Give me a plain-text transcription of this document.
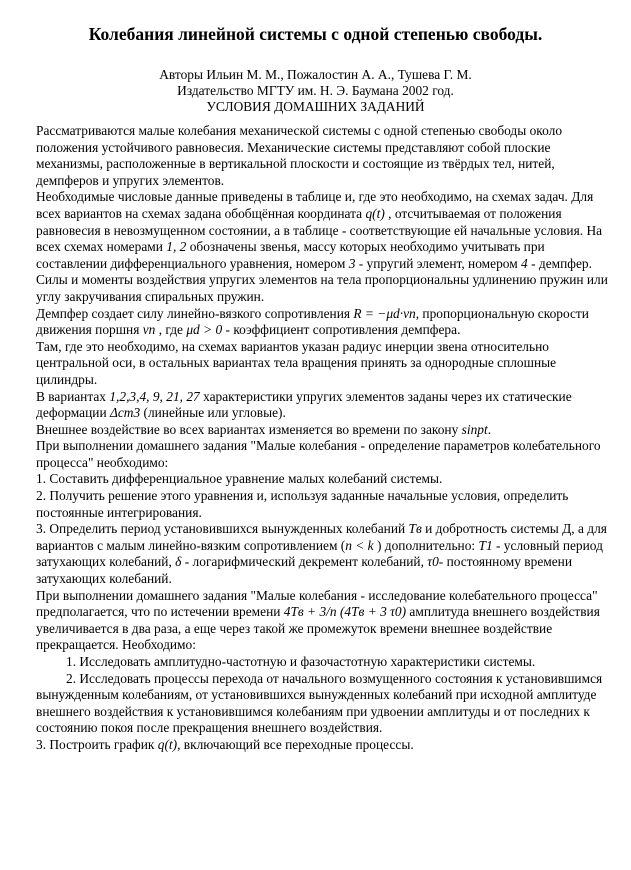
Колебания линейной системы с одной степенью свободы.
Авторы Ильин М. М., Пожалостин А. А., Тушева Г. М.
Издательство МГТУ им. Н. Э. Баумана 2002 год.
УСЛОВИЯ ДОМАШНИХ ЗАДАНИЙ

Рассматриваются малые колебания механической системы с одной степенью свободы около положения устойчивого равновесия. Механические системы представляют собой плоские механизмы, расположенные в вертикальной плоскости и состоящие из твёрдых тел, нитей, демпферов и упругих элементов.

Необходимые числовые данные приведены в таблице и, где это необходимо, на схемах задач. Для всех вариантов на схемах задана обобщённая координата q(t) , отсчитываемая от положения равновесия в невозмущенном состоянии, а в таблице - соответствующие ей начальные условия. На всех схемах номерами 1, 2 обозначены звенья, массу которых необходимо учитывать при составлении дифференциального уравнения, номером 3 - упругий элемент, номером 4 - демпфер.

Силы и моменты воздействия упругих элементов на тела пропорциональны удлинению пружин или углу закручивания спиральных пружин.

Демпфер создает силу линейно-вязкого сопротивления R = −μd·vп, пропорциональную скорости движения поршня vп , где μd > 0 - коэффициент сопротивления демпфера.

Там, где это необходимо, на схемах вариантов указан радиус инерции звена относительно центральной оси, в остальных вариантах тела вращения принять за однородные сплошные цилиндры.

В вариантах 1,2,3,4, 9, 21, 27 характеристики упругих элементов заданы через их статические деформации Δст3 (линейные или угловые).

Внешнее воздействие во всех вариантах изменяется во времени по закону sinpt.

При выполнении домашнего задания "Малые колебания - определение параметров колебательного процесса" необходимо:

1. Составить дифференциальное уравнение малых колебаний системы.

2. Получить решение этого уравнения и, используя заданные начальные условия, определить постоянные интегрирования.

3. Определить период установившихся вынужденных колебаний Tв и добротность системы Д, а для вариантов с малым линейно-вязким сопротивлением (n < k ) дополнительно: T1 - условный период затухающих колебаний, δ - логарифмический декремент колебаний, τ0- постоянному времени затухающих колебаний.

При выполнении домашнего задания "Малые колебания - исследование колебательного процесса" предполагается, что по истечении времени 4Tв + 3/n (4Tв + 3 τ0) амплитуда внешнего воздействия увеличивается в два раза, а еще через такой же промежуток времени внешнее воздействие прекращается. Необходимо:

1. Исследовать амплитудно-частотную и фазочастотную характеристики системы.

2. Исследовать процессы перехода от начального возмущенного состояния к установившимся вынужденным колебаниям, от установившихся вынужденных колебаний при исходной амплитуде внешнего воздействия к установившимся колебаниям при удвоении амплитуды и от последних к состоянию покоя после прекращения внешнего воздействия.

3. Построить график q(t), включающий все переходные процессы.
